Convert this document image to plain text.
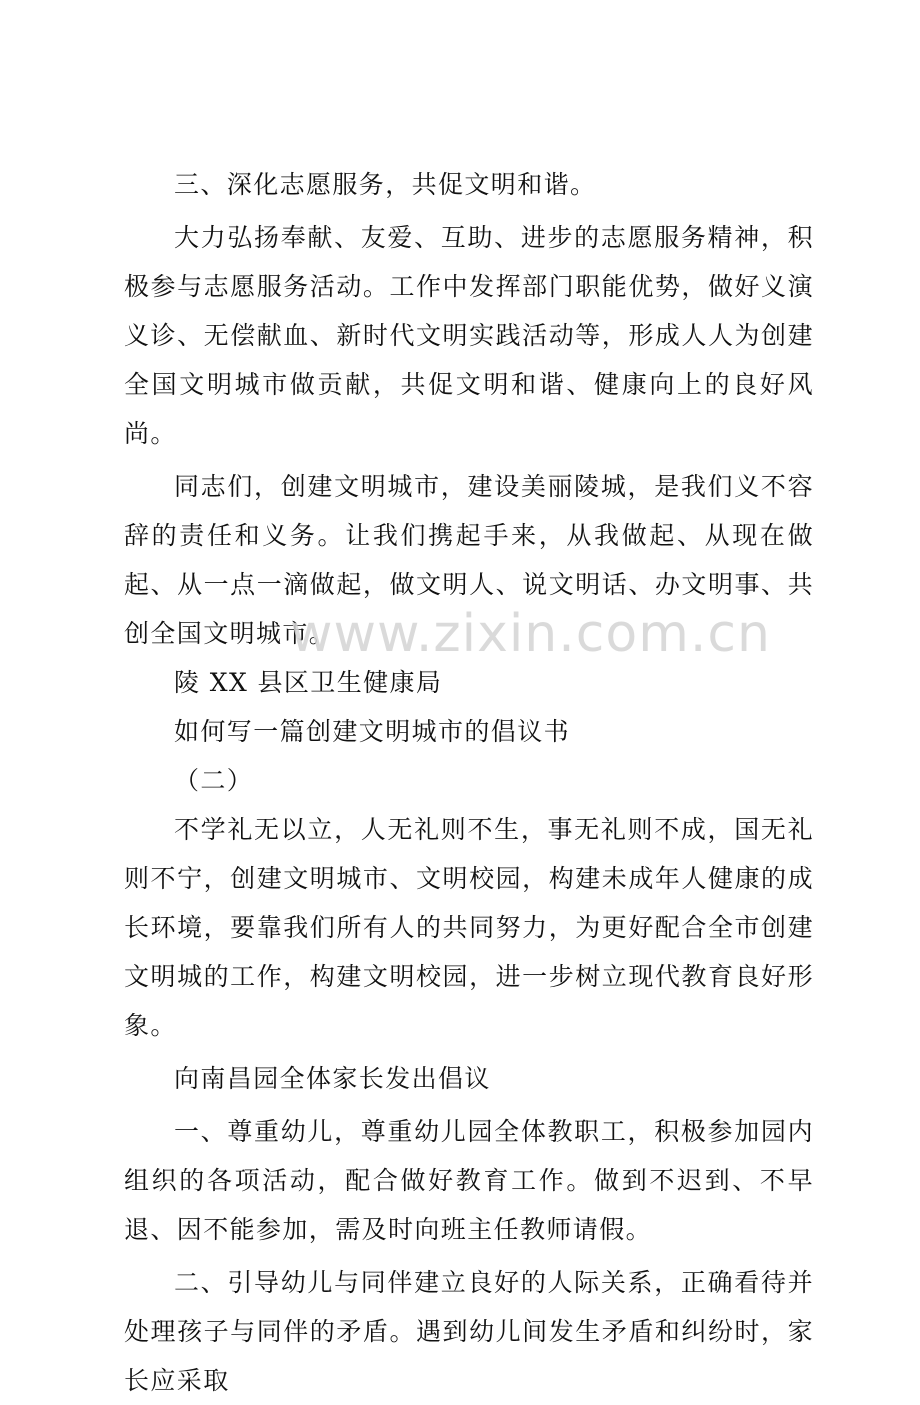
三、深化志愿服务，共促文明和谐。

大力弘扬奉献、友爱、互助、进步的志愿服务精神，积极参与志愿服务活动。工作中发挥部门职能优势，做好义演义诊、无偿献血、新时代文明实践活动等，形成人人为创建全国文明城市做贡献，共促文明和谐、健康向上的良好风尚。

同志们，创建文明城市，建设美丽陵城，是我们义不容辞的责任和义务。让我们携起手来，从我做起、从现在做起、从一点一滴做起，做文明人、说文明话、办文明事、共创全国文明城市。

陵 XX 县区卫生健康局

如何写一篇创建文明城市的倡议书

（二）

不学礼无以立，人无礼则不生，事无礼则不成，国无礼则不宁，创建文明城市、文明校园，构建未成年人健康的成长环境，要靠我们所有人的共同努力，为更好配合全市创建文明城的工作，构建文明校园，进一步树立现代教育良好形象。

向南昌园全体家长发出倡议

一、尊重幼儿，尊重幼儿园全体教职工，积极参加园内组织的各项活动，配合做好教育工作。做到不迟到、不早退、因不能参加，需及时向班主任教师请假。

二、引导幼儿与同伴建立良好的人际关系，正确看待并处理孩子与同伴的矛盾。遇到幼儿间发生矛盾和纠纷时，家长应采取

www.zixin.com.cn
